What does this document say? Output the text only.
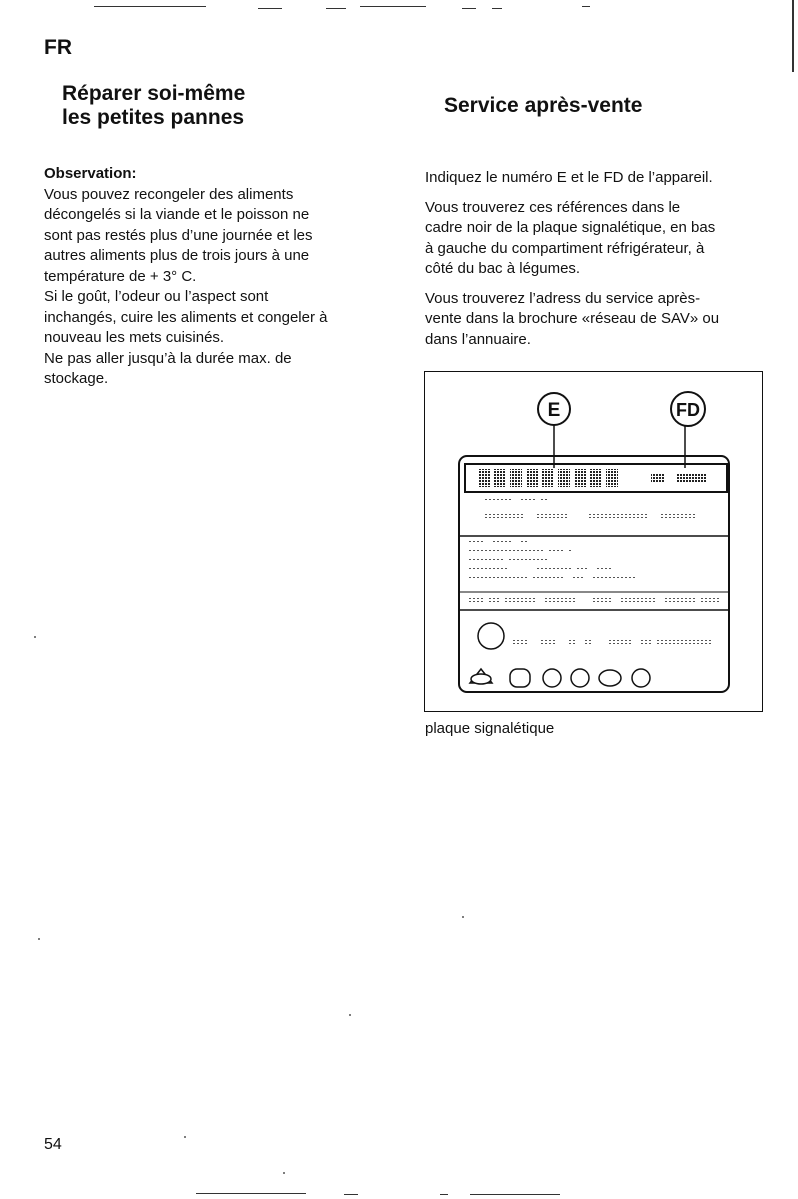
FR
Réparer soi-même
les petites pannes
Service après-vente
Observation:
Vous pouvez recongeler des aliments
décongelés si la viande et le poisson ne
sont pas restés plus d’une journée et les
autres aliments plus de trois jours à une
température de + 3° C.
Si le goût, l’odeur ou l’aspect sont
inchangés, cuire les aliments et congeler à
nouveau les mets cuisinés.
Ne pas aller jusqu’à la durée max. de
stockage.

Indiquez le numéro E et le FD de l’appareil.

Vous trouverez ces références dans le
cadre noir de la plaque signalétique, en bas
à gauche du compartiment réfrigérateur, à
côté du bac à légumes.

Vous trouverez l’adress du service après-
vente dans la brochure «réseau de SAV» ou
dans l’annuaire.

E	FD
plaque signalétique
54
